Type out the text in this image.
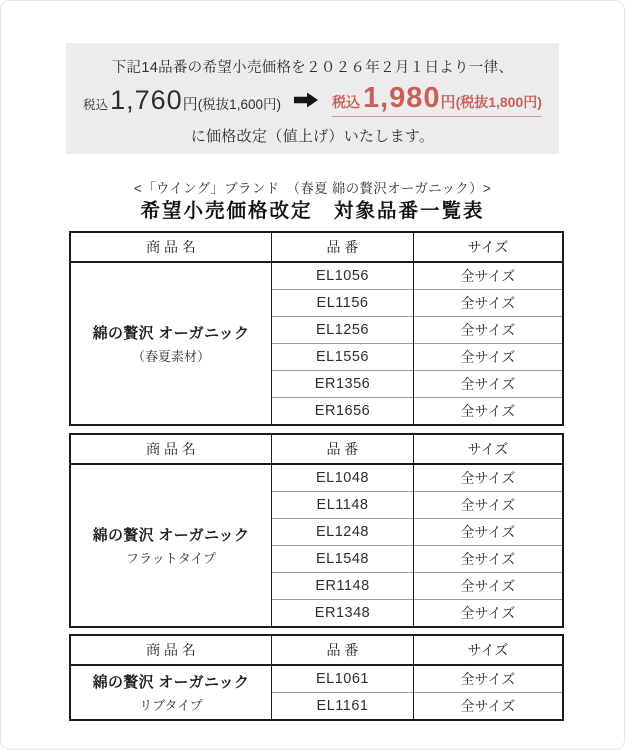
下記14品番の希望小売価格を２０２６年２月１日より一律、

税込1,760円(税抜1,600円)	税込 1,980円(税抜1,800円)

に価格改定（値上げ）いたします。

<「ウイング」ブランド　（春夏 綿の贅沢オーガニック）>

希望小売価格改定　対象品番一覧表
商 品 名	品 番	サイズ

綿の贅沢 オーガニック
（春夏素材）	EL1056	全サイズ
	EL1156	全サイズ
	EL1256	全サイズ
	EL1556	全サイズ
	ER1356	全サイズ
	ER1656	全サイズ
商 品 名	品 番	サイズ

綿の贅沢 オーガニック
フラットタイプ	EL1048	全サイズ
	EL1148	全サイズ
	EL1248	全サイズ
	EL1548	全サイズ
	ER1148	全サイズ
	ER1348	全サイズ
商 品 名	品 番	サイズ

綿の贅沢 オーガニック
リブタイプ	EL1061	全サイズ
	EL1161	全サイズ
